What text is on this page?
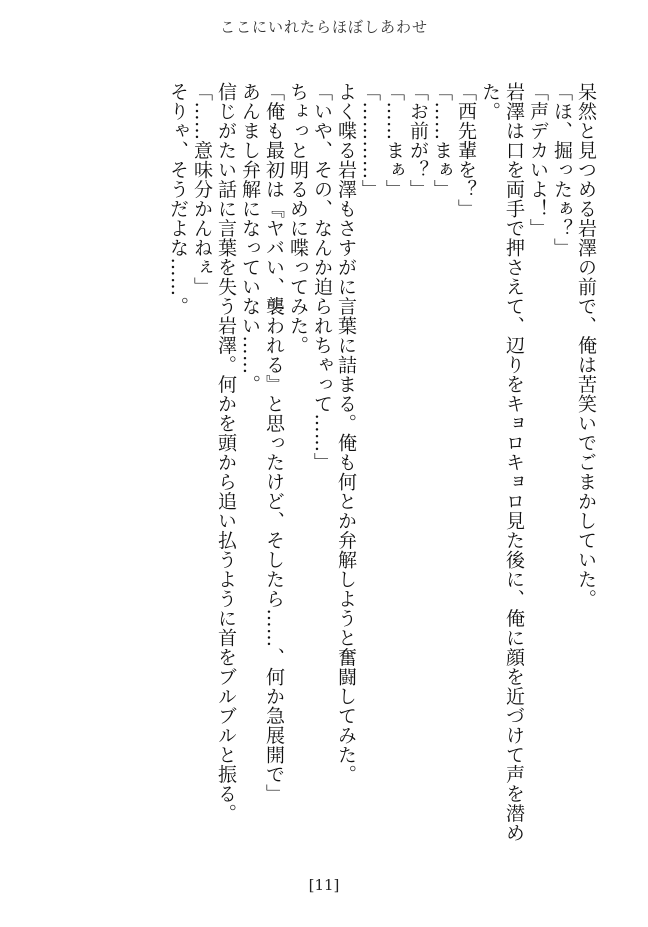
ここにいれたらほぼしあわせ
呆然と見つめる岩澤の前で、俺は苦笑いでごまかしていた。
「ほ、掘ったぁ？」
「声デカいよ！」
岩澤は口を両手で押さえて、辺りをキョロキョロ見た後に、俺に顔を近づけて声を潜め
た。
「西先輩を？」
「……まぁ」
「お前が？」
「……まぁ」
「…………」
よく喋る岩澤もさすがに言葉に詰まる。俺も何とか弁解しようと奮闘してみた。
「いや、その、なんか迫られちゃって……」
ちょっと明るめに喋ってみた。
「俺も最初は『ヤバい、襲われる』と思ったけど、そしたら……、何か急展開で」
あんまし弁解になっていない……。
信じがたい話に言葉を失う岩澤。何かを頭から追い払うように首をブルブルと振る。
「……意味分かんねぇ」
そりゃ、そうだよな……。
[11]
